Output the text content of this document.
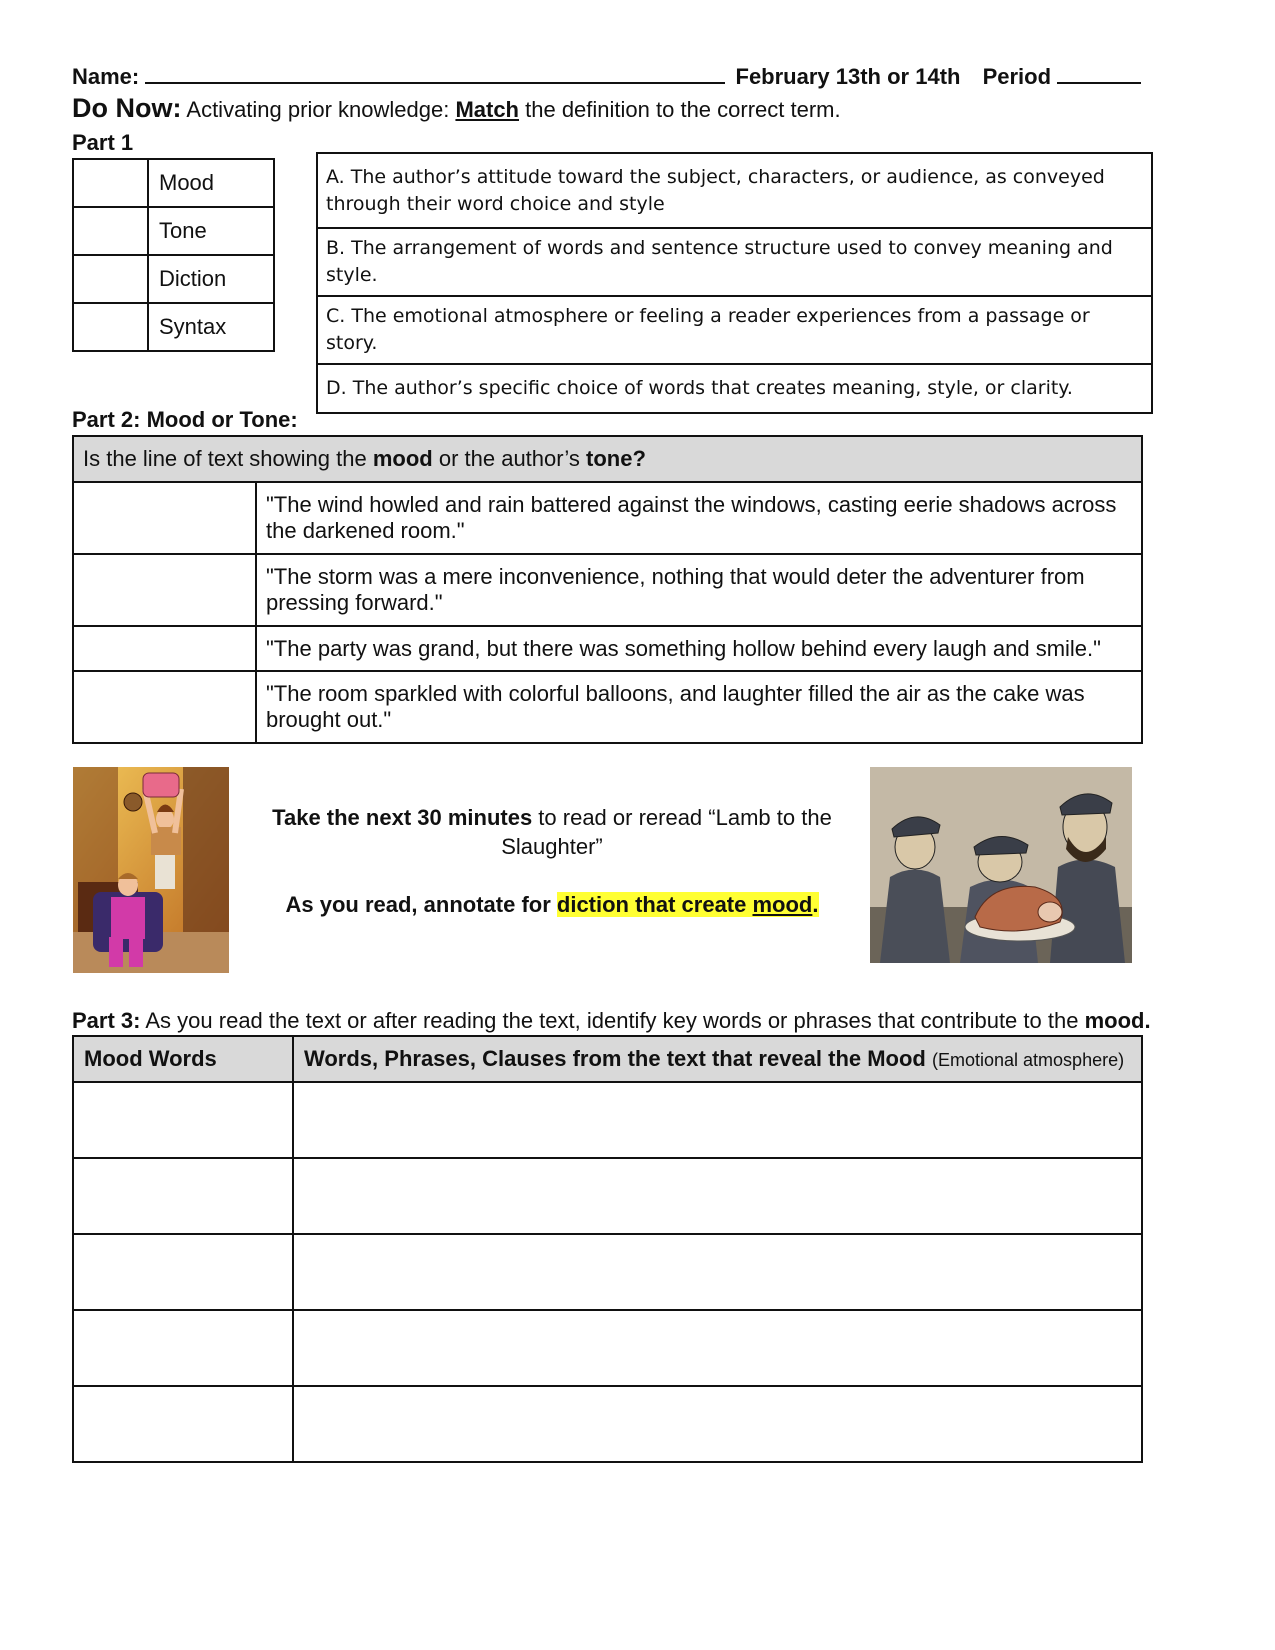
Name:	February 13th or 14th Period
Do Now: Activating prior knowledge: Match the definition to the correct term.
Part 1
	Mood
	Tone
	Diction
	Syntax
A. The author’s attitude toward the subject, characters, or audience, as conveyed through their word choice and style
B. The arrangement of words and sentence structure used to convey meaning and style.
C. The emotional atmosphere or feeling a reader experiences from a passage or story.
D. The author’s specific choice of words that creates meaning, style, or clarity.
Part 2: Mood or Tone:
Is the line of text showing the mood or the author’s tone?	
	"The wind howled and rain battered against the windows, casting eerie shadows across the darkened room."
	"The storm was a mere inconvenience, nothing that would deter the adventurer from pressing forward."
	"The party was grand, but there was something hollow behind every laugh and smile."
	"The room sparkled with colorful balloons, and laughter filled the air as the cake was brought out."
Take the next 30 minutes to read or reread “Lamb to the Slaughter”
As you read, annotate for diction that create mood.
Part 3: As you read the text or after reading the text, identify key words or phrases that contribute to the mood.
Mood Words	Words, Phrases, Clauses from the text that reveal the Mood (Emotional atmosphere)
